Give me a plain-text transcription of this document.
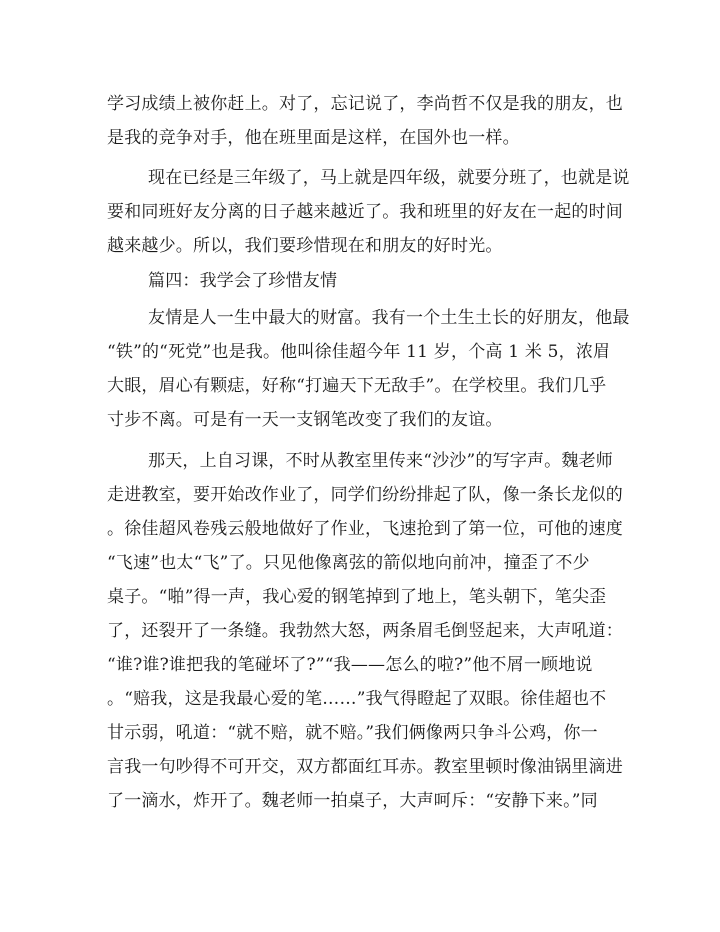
学习成绩上被你赶上。对了，忘记说了，李尚哲不仅是我的朋友，也
是我的竞争对手，他在班里面是这样，在国外也一样。
现在已经是三年级了，马上就是四年级，就要分班了，也就是说
要和同班好友分离的日子越来越近了。我和班里的好友在一起的时间
越来越少。所以，我们要珍惜现在和朋友的好时光。
篇四：我学会了珍惜友情
友情是人一生中最大的财富。我有一个土生土长的好朋友，他最
“铁”的“死党”也是我。他叫徐佳超今年 11 岁，个高 1 米 5，浓眉
大眼，眉心有颗痣，好称“打遍天下无敌手”。在学校里。我们几乎
寸步不离。可是有一天一支钢笔改变了我们的友谊。
那天，上自习课，不时从教室里传来“沙沙”的写字声。魏老师
走进教室，要开始改作业了，同学们纷纷排起了队，像一条长龙似的
。徐佳超风卷残云般地做好了作业，飞速抢到了第一位，可他的速度
“飞速”也太“飞”了。只见他像离弦的箭似地向前冲，撞歪了不少
桌子。“啪”得一声，我心爱的钢笔掉到了地上，笔头朝下，笔尖歪
了，还裂开了一条缝。我勃然大怒，两条眉毛倒竖起来，大声吼道：
“谁?谁?谁把我的笔碰坏了?”“我——怎么的啦?”他不屑一顾地说
。“赔我，这是我最心爱的笔……”我气得瞪起了双眼。徐佳超也不
甘示弱，吼道：“就不赔，就不赔。”我们俩像两只争斗公鸡，你一
言我一句吵得不可开交，双方都面红耳赤。教室里顿时像油锅里滴进
了一滴水，炸开了。魏老师一拍桌子，大声呵斥：“安静下来。”同
